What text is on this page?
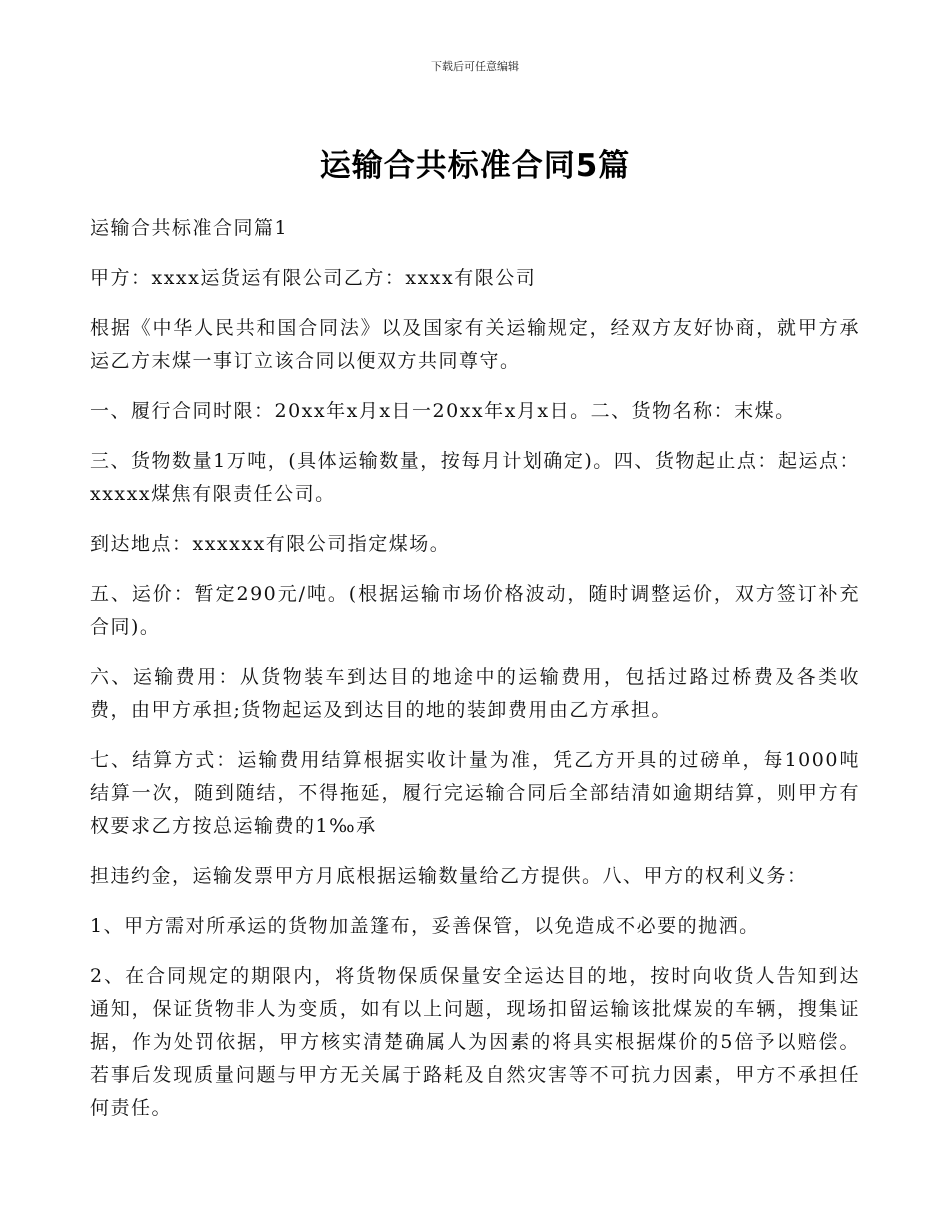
下载后可任意编辑
运输合共标准合同5篇

运输合共标准合同篇1

甲方：xxxx运货运有限公司乙方：xxxx有限公司

根据《中华人民共和国合同法》以及国家有关运输规定，经双方友好协商，就甲方承运乙方末煤一事订立该合同以便双方共同尊守。

一、履行合同时限：20xx年x月x日一20xx年x月x日。二、货物名称：末煤。

三、货物数量1万吨，(具体运输数量，按每月计划确定)。四、货物起止点：起运点：xxxxx煤焦有限责任公司。

到达地点：xxxxxx有限公司指定煤场。

五、运价：暂定290元/吨。(根据运输市场价格波动，随时调整运价，双方签订补充合同)。

六、运输费用：从货物装车到达目的地途中的运输费用，包括过路过桥费及各类收费，由甲方承担;货物起运及到达目的地的装卸费用由乙方承担。

七、结算方式：运输费用结算根据实收计量为准，凭乙方开具的过磅单，每1000吨结算一次，随到随结，不得拖延，履行完运输合同后全部结清如逾期结算，则甲方有权要求乙方按总运输费的1‰承

担违约金，运输发票甲方月底根据运输数量给乙方提供。八、甲方的权利义务：

1、甲方需对所承运的货物加盖篷布，妥善保管，以免造成不必要的抛洒。

2、在合同规定的期限内，将货物保质保量安全运达目的地，按时向收货人告知到达通知，保证货物非人为变质，如有以上问题，现场扣留运输该批煤炭的车辆，搜集证据，作为处罚依据，甲方核实清楚确属人为因素的将具实根据煤价的5倍予以赔偿。若事后发现质量问题与甲方无关属于路耗及自然灾害等不可抗力因素，甲方不承担任何责任。
